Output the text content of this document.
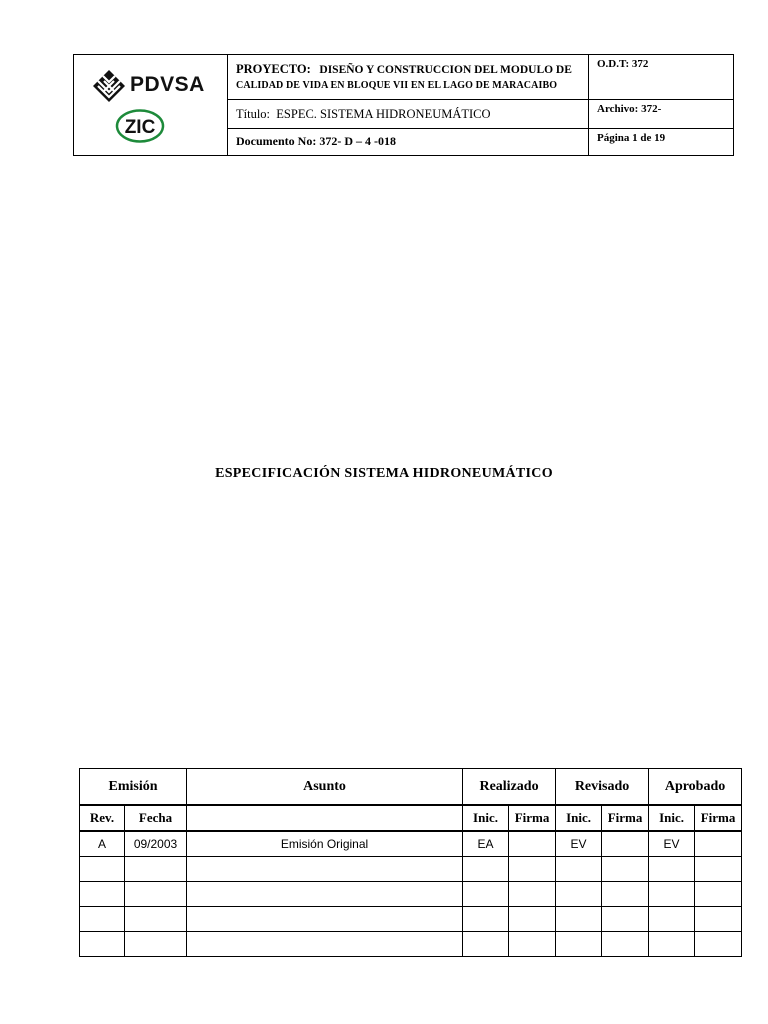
PDVSA
ZIC	PROYECTO: DISEÑO Y CONSTRUCCION DEL MODULO DE
CALIDAD DE VIDA EN BLOQUE VII EN EL LAGO DE MARACAIBO	O.D.T: 372
	Título: ESPEC. SISTEMA HIDRONEUMÁTICO	Archivo: 372-
	Documento No: 372- D – 4 -018	Página 1 de 19
ESPECIFICACIÓN SISTEMA HIDRONEUMÁTICO
Emisión		Asunto	Realizado		Revisado		Aprobado	
Rev.	Fecha		Inic.	Firma	Inic.	Firma	Inic.	Firma
A	09/2003	Emisión Original	EA		EV		EV	
